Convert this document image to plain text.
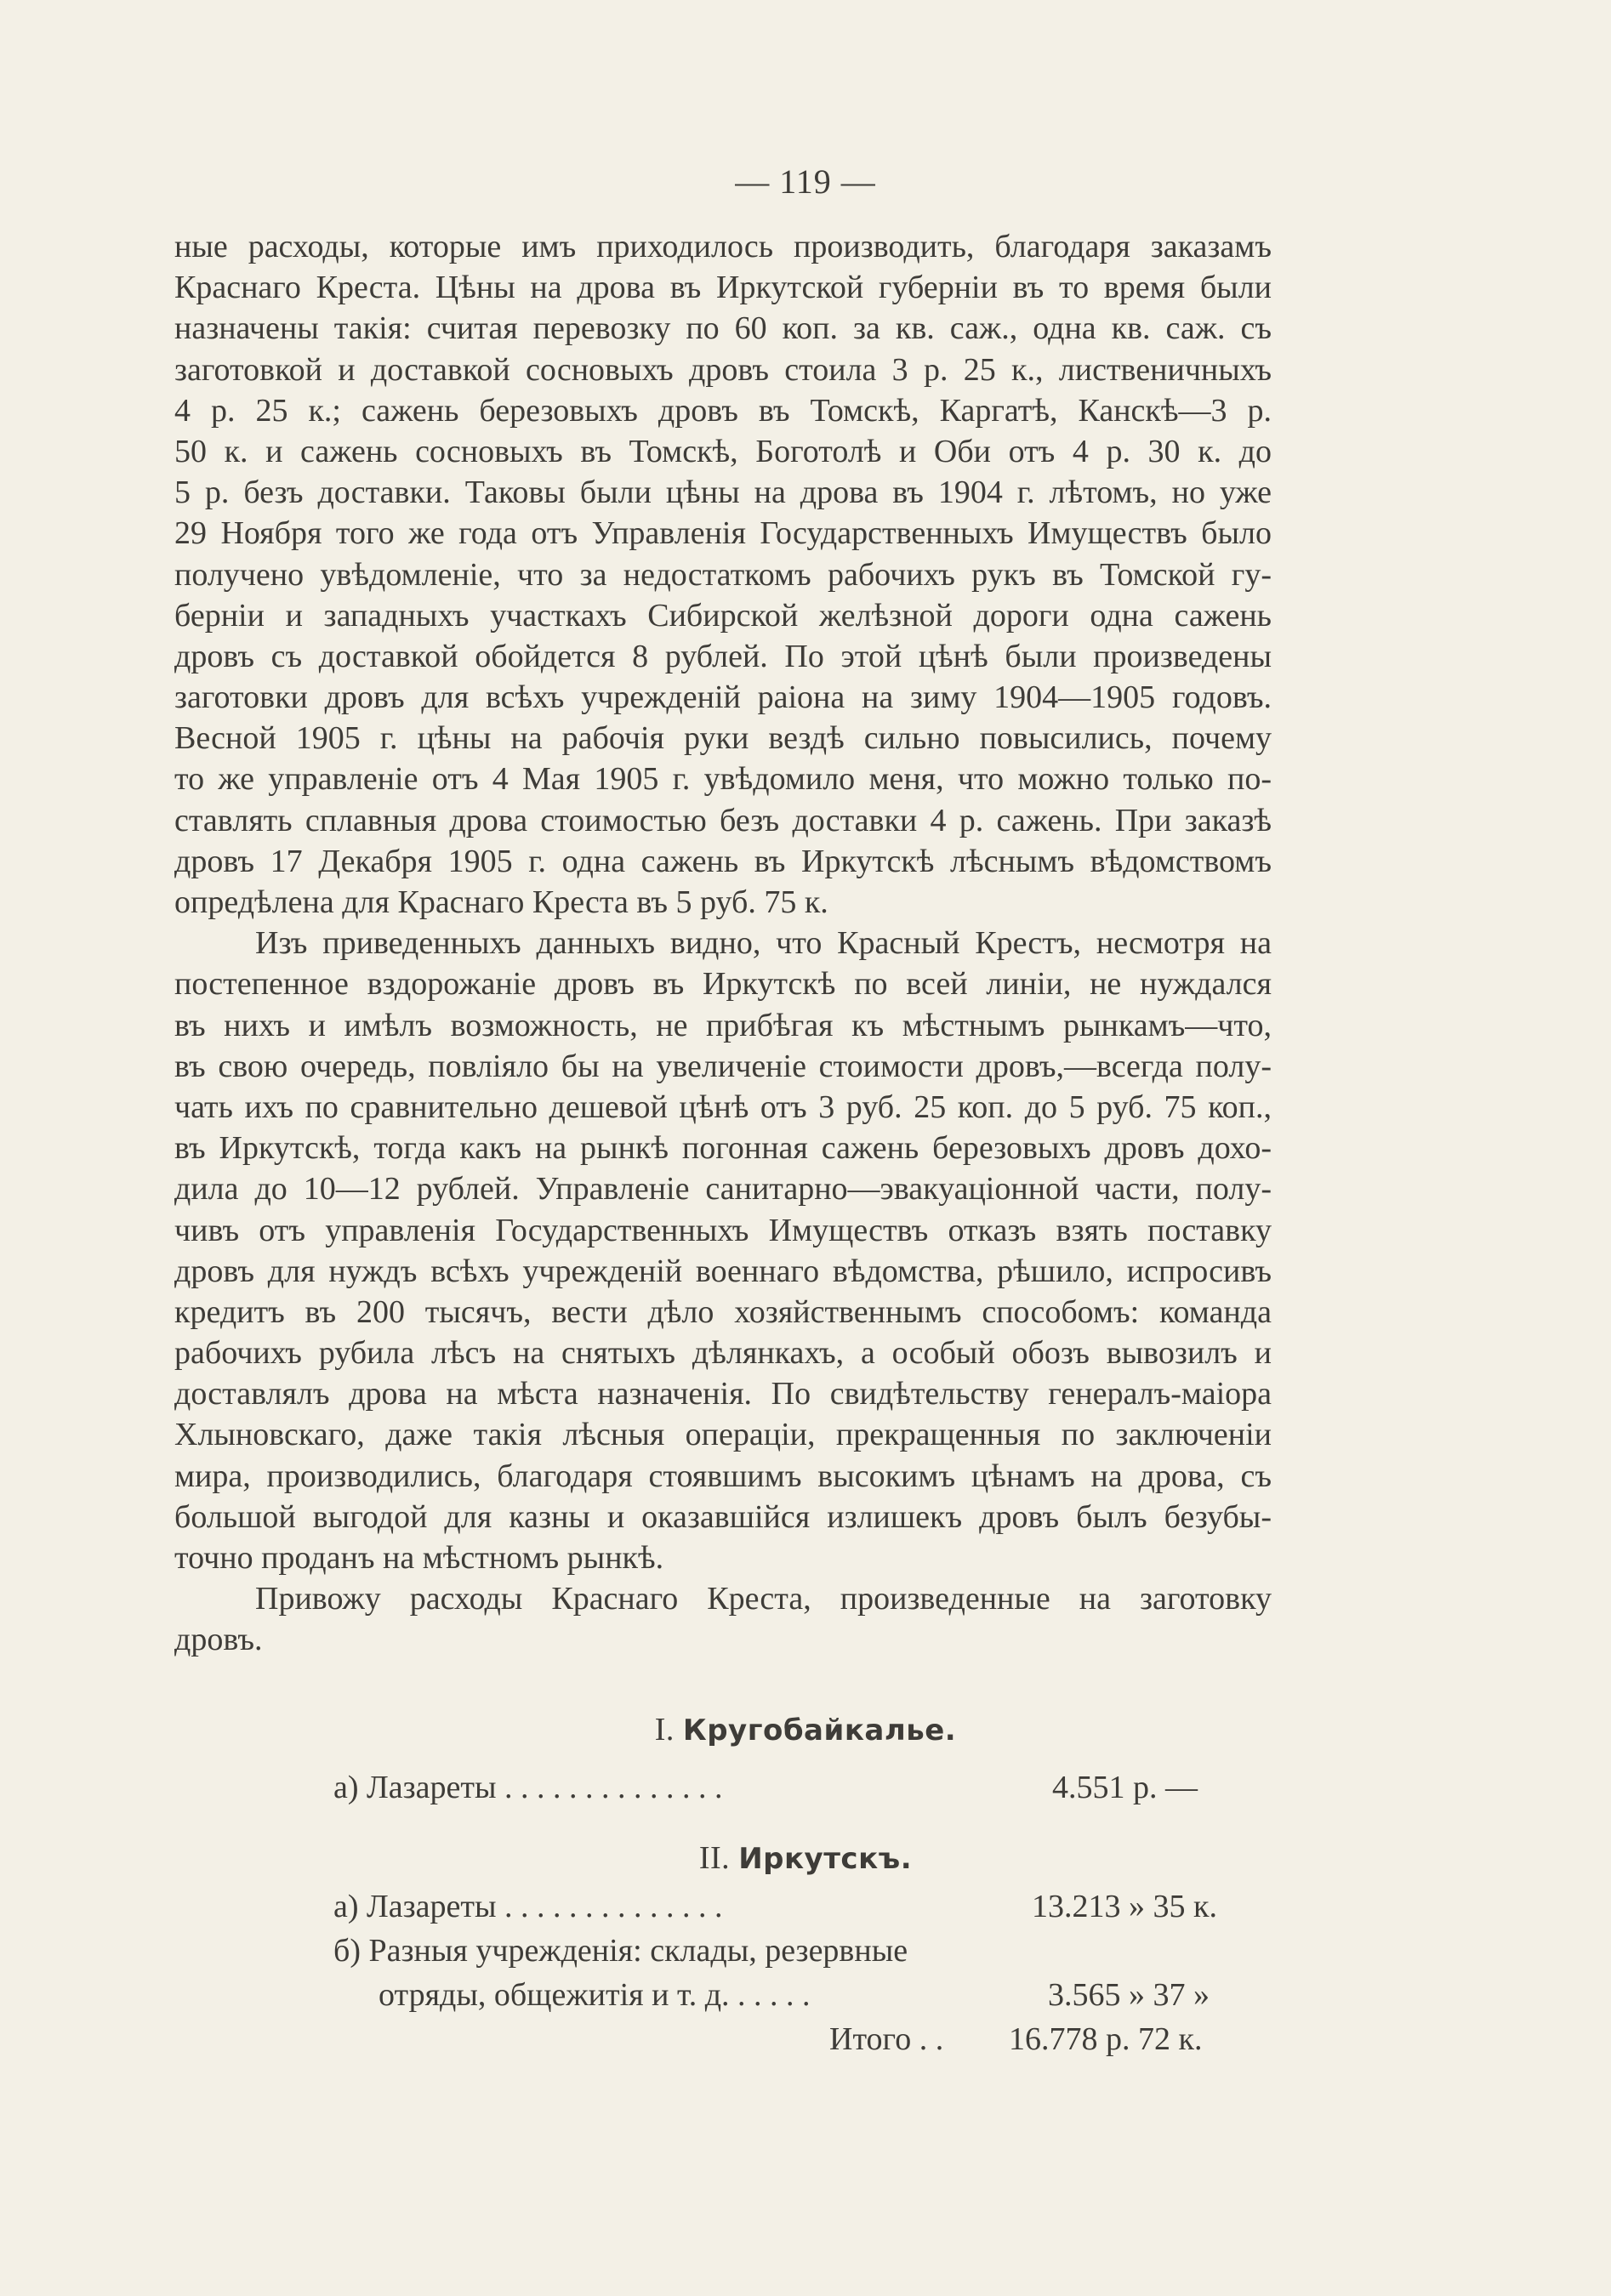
— 119 —
ные расходы, которые имъ приходилось производить, благодаря заказамъ
Краснаго Креста. Цѣны на дрова въ Иркутской губерніи въ то время были
назначены такія: считая перевозку по 60 коп. за кв. саж., одна кв. саж. съ
заготовкой и доставкой сосновыхъ дровъ стоила 3 р. 25 к., лиственичныхъ
4 р. 25 к.; сажень березовыхъ дровъ въ Томскѣ, Каргатѣ, Канскѣ—3 р.
50 к. и сажень сосновыхъ въ Томскѣ, Боготолѣ и Оби отъ 4 р. 30 к. до
5 р. безъ доставки. Таковы были цѣны на дрова въ 1904 г. лѣтомъ, но уже
29 Ноября того же года отъ Управленія Государственныхъ Имуществъ было
получено увѣдомленіе, что за недостаткомъ рабочихъ рукъ въ Томской гу-
берніи и западныхъ участкахъ Сибирской желѣзной дороги одна сажень
дровъ съ доставкой обойдется 8 рублей. По этой цѣнѣ были произведены
заготовки дровъ для всѣхъ учрежденій раіона на зиму 1904—1905 годовъ.
Весной 1905 г. цѣны на рабочія руки вездѣ сильно повысились, почему
то же управленіе отъ 4 Мая 1905 г. увѣдомило меня, что можно только по-
ставлять сплавныя дрова стоимостью безъ доставки 4 р. сажень. При заказѣ
дровъ 17 Декабря 1905 г. одна сажень въ Иркутскѣ лѣснымъ вѣдомствомъ
опредѣлена для Краснаго Креста въ 5 руб. 75 к.
Изъ приведенныхъ данныхъ видно, что Красный Крестъ, несмотря на
постепенное вздорожаніе дровъ въ Иркутскѣ по всей линіи, не нуждался
въ нихъ и имѣлъ возможность, не прибѣгая къ мѣстнымъ рынкамъ—что,
въ свою очередь, повліяло бы на увеличеніе стоимости дровъ,—всегда полу-
чать ихъ по сравнительно дешевой цѣнѣ отъ 3 руб. 25 коп. до 5 руб. 75 коп.,
въ Иркутскѣ, тогда какъ на рынкѣ погонная сажень березовыхъ дровъ дохо-
дила до 10—12 рублей. Управленіе санитарно—эвакуаціонной части, полу-
чивъ отъ управленія Государственныхъ Имуществъ отказъ взять поставку
дровъ для нуждъ всѣхъ учрежденій военнаго вѣдомства, рѣшило, испросивъ
кредитъ въ 200 тысячъ, вести дѣло хозяйственнымъ способомъ: команда
рабочихъ рубила лѣсъ на снятыхъ дѣлянкахъ, а особый обозъ вывозилъ и
доставлялъ дрова на мѣста назначенія. По свидѣтельству генералъ-маіора
Хлыновскаго, даже такія лѣсныя операціи, прекращенныя по заключеніи
мира, производились, благодаря стоявшимъ высокимъ цѣнамъ на дрова, съ
большой выгодой для казны и оказавшійся излишекъ дровъ былъ безубы-
точно проданъ на мѣстномъ рынкѣ.
Привожу расходы Краснаго Креста, произведенные на заготовку
дровъ.
I. Кругобайкалье.
а) Лазареты . . . . . . . . . . . . . .	4.551 р. —
II. Иркутскъ.
а) Лазареты . . . . . . . . . . . . . .	13.213 » 35 к.
б) Разныя учрежденія: склады, резервные
отряды, общежитія и т. д. . . . . .	3.565 » 37 »
Итого . . 16.778 р. 72 к.
